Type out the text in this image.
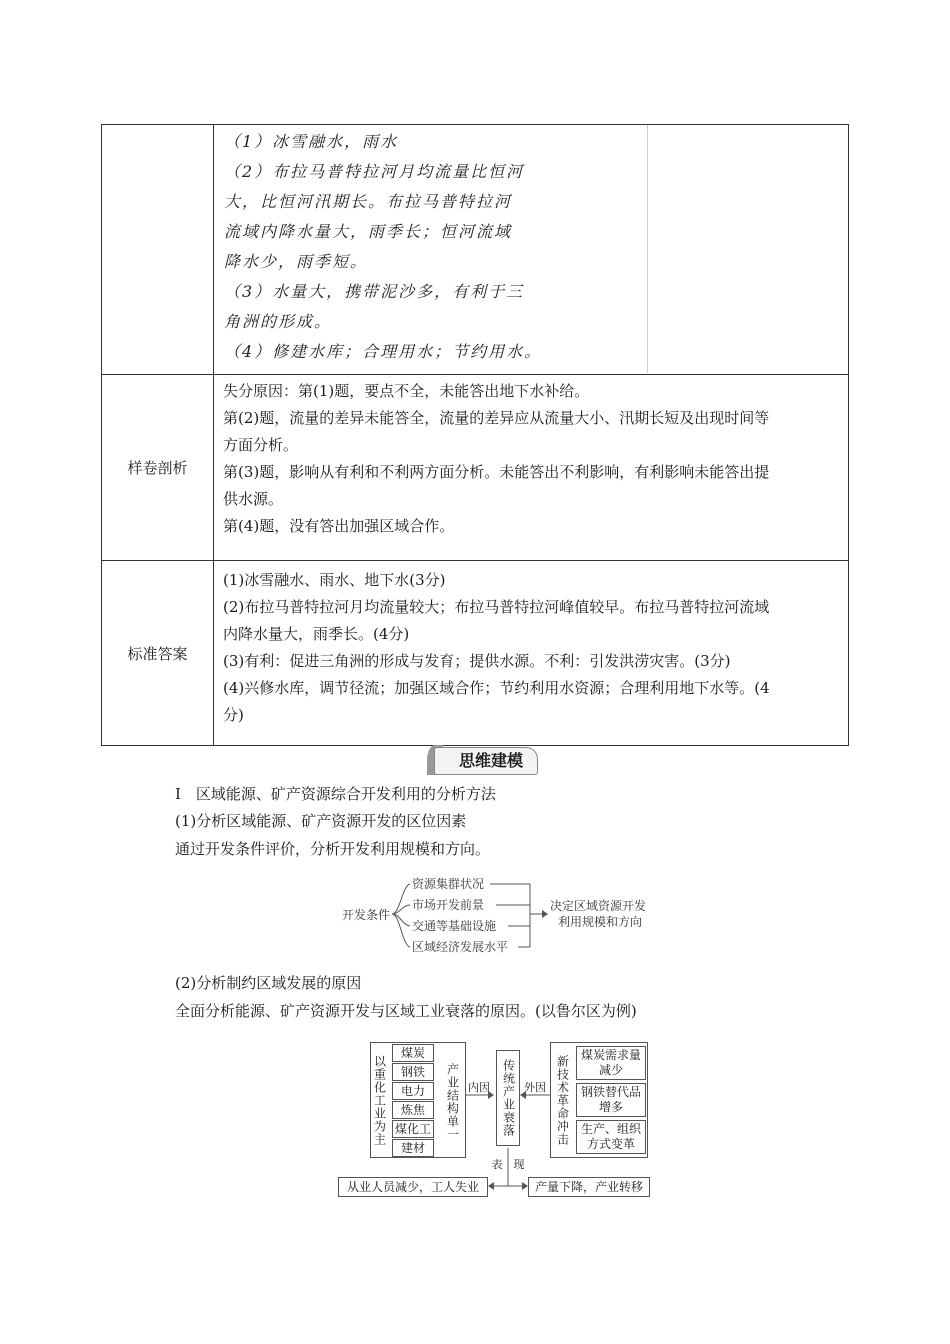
（1）冰雪融水，雨水
（2）布拉马普特拉河月均流量比恒河
大，比恒河汛期长。布拉马普特拉河
流域内降水量大，雨季长；恒河流域
降水少，雨季短。
（3）水量大，携带泥沙多，有利于三
角洲的形成。
（4）修建水库；合理用水；节约用水。
样卷剖析
失分原因：第(1)题，要点不全，未能答出地下水补给。
第(2)题，流量的差异未能答全，流量的差异应从流量大小、汛期长短及出现时间等
方面分析。
第(3)题，影响从有利和不利两方面分析。未能答出不利影响，有利影响未能答出提
供水源。
第(4)题，没有答出加强区域合作。
标准答案
(1)冰雪融水、雨水、地下水(3分)
(2)布拉马普特拉河月均流量较大；布拉马普特拉河峰值较早。布拉马普特拉河流域
内降水量大，雨季长。(4分)
(3)有利：促进三角洲的形成与发育；提供水源。不利：引发洪涝灾害。(3分)
(4)兴修水库，调节径流；加强区域合作；节约利用水资源；合理利用地下水等。(4
分)
思维建模
Ⅰ　区域能源、矿产资源综合开发利用的分析方法
(1)分析区域能源、矿产资源开发的区位因素
通过开发条件评价，分析开发利用规模和方向。
开发条件
资源集群状况
市场开发前景
交通等基础设施
区域经济发展水平
决定区域资源开发
利用规模和方向
(2)分析制约区域发展的原因
全面分析能源、矿产资源开发与区域工业衰落的原因。(以鲁尔区为例)
以重化工业为主
煤炭
钢铁
电力
炼焦
煤化工
建材
产业结构单一 内因 传统产业衰落 外因 新技术革命冲击 煤炭需求量减少
钢铁替代品增多
生产、组织方式变革
表 现
从业人员减少，工人失业	产量下降，产业转移
